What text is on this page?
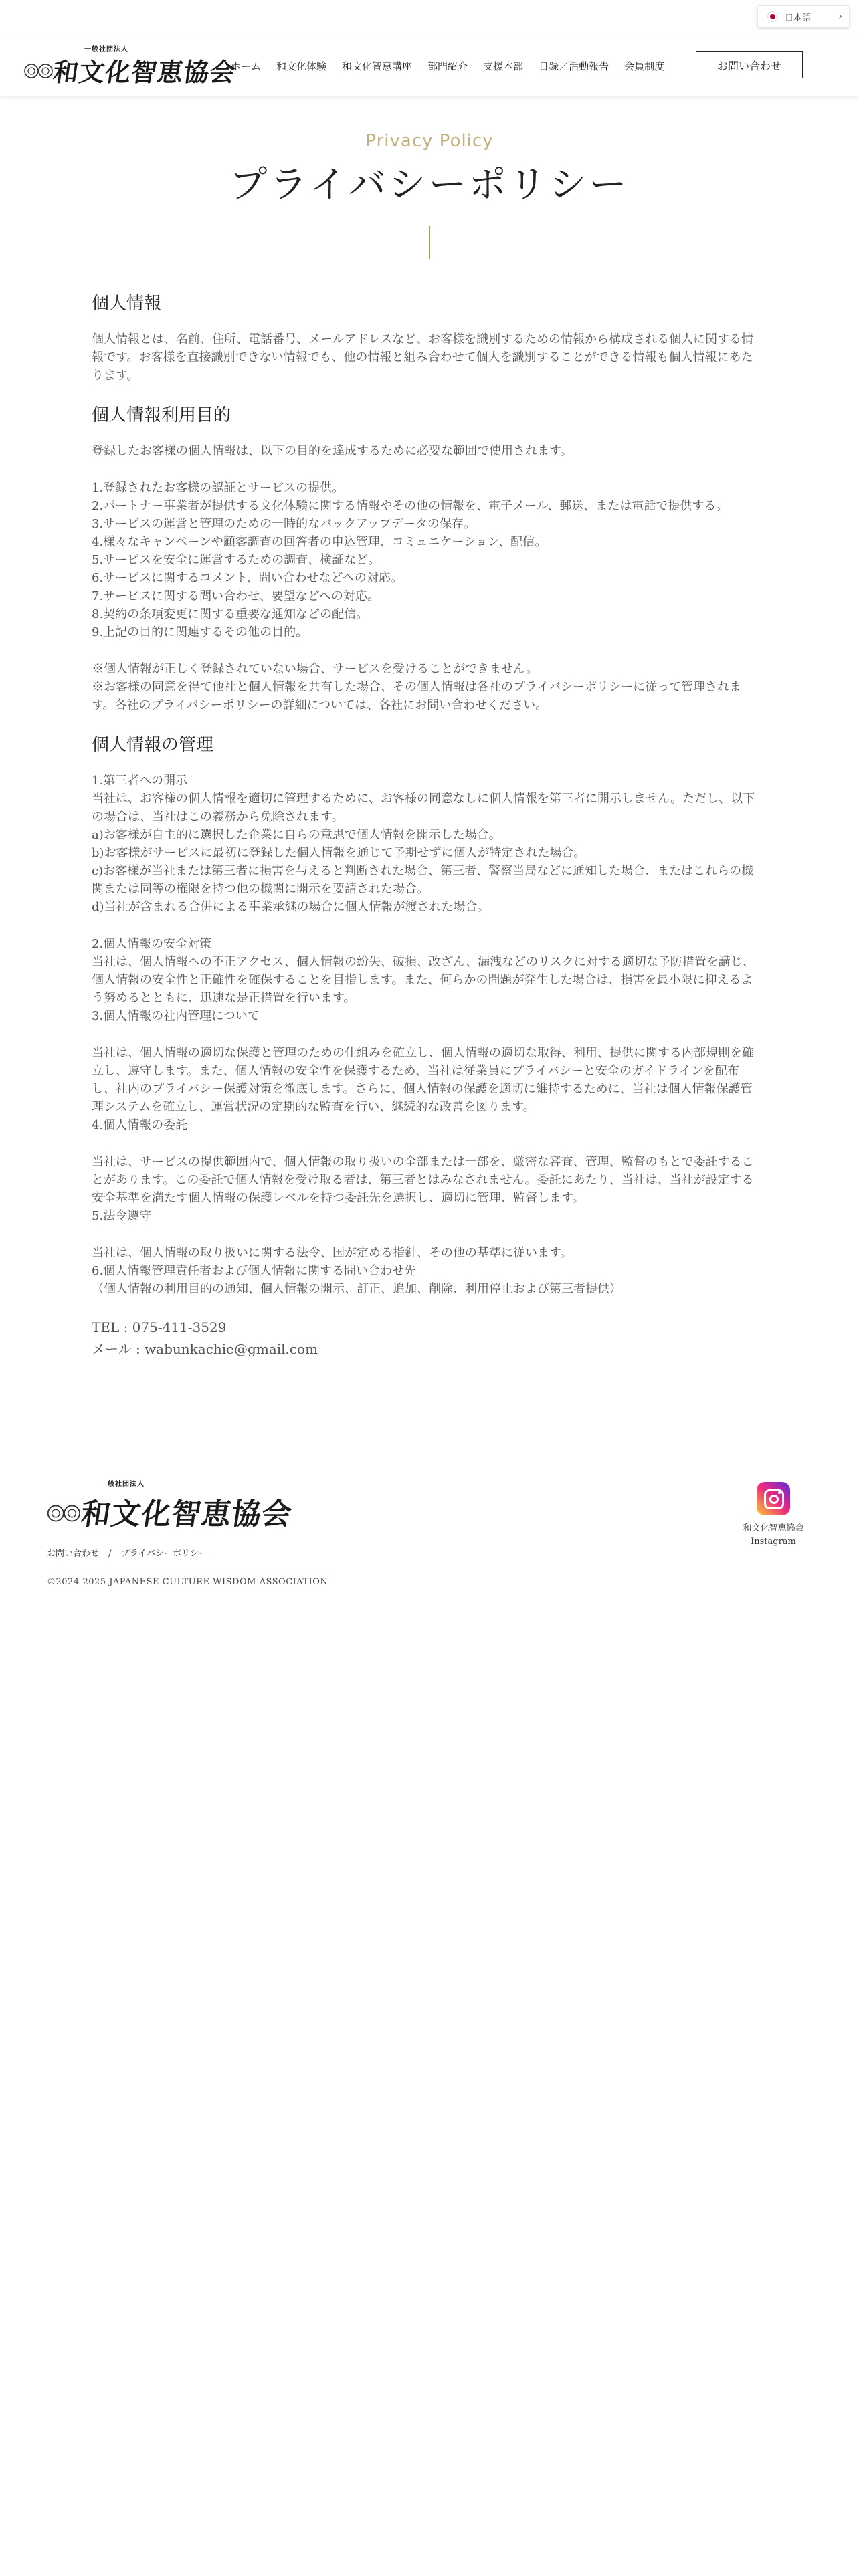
日本語	›
一般社団法人
和文化智恵協会
ホーム 和文化体験 和文化智恵講座 部門紹介 支援本部 日録／活動報告 会員制度	お問い合わせ
Privacy Policy
プライバシーポリシー
個人情報

個人情報とは、名前、住所、電話番号、メールアドレスなど、お客様を識別するための情報から構成される個人に関する情報です。お客様を直接識別できない情報でも、他の情報と組み合わせて個人を識別することができる情報も個人情報にあたります。

個人情報利用目的

登録したお客様の個人情報は、以下の目的を達成するために必要な範囲で使用されます。

1.登録されたお客様の認証とサービスの提供。
2.パートナー事業者が提供する文化体験に関する情報やその他の情報を、電子メール、郵送、または電話で提供する。
3.サービスの運営と管理のための一時的なバックアップデータの保存。
4.様々なキャンペーンや顧客調査の回答者の申込管理、コミュニケーション、配信。
5.サービスを安全に運営するための調査、検証など。
6.サービスに関するコメント、問い合わせなどへの対応。
7.サービスに関する問い合わせ、要望などへの対応。
8.契約の条項変更に関する重要な通知などの配信。
9.上記の目的に関連するその他の目的。

※個人情報が正しく登録されていない場合、サービスを受けることができません。
※お客様の同意を得て他社と個人情報を共有した場合、その個人情報は各社のプライバシーポリシーに従って管理されます。各社のプライバシーポリシーの詳細については、各社にお問い合わせください。

個人情報の管理

1.第三者への開示
当社は、お客様の個人情報を適切に管理するために、お客様の同意なしに個人情報を第三者に開示しません。ただし、以下の場合は、当社はこの義務から免除されます。
a)お客様が自主的に選択した企業に自らの意思で個人情報を開示した場合。
b)お客様がサービスに最初に登録した個人情報を通じて予期せずに個人が特定された場合。
c)お客様が当社または第三者に損害を与えると判断された場合、第三者、警察当局などに通知した場合、またはこれらの機関または同等の権限を持つ他の機関に開示を要請された場合。
d)当社が含まれる合併による事業承継の場合に個人情報が渡された場合。

2.個人情報の安全対策
当社は、個人情報への不正アクセス、個人情報の紛失、破損、改ざん、漏洩などのリスクに対する適切な予防措置を講じ、個人情報の安全性と正確性を確保することを目指します。また、何らかの問題が発生した場合は、損害を最小限に抑えるよう努めるとともに、迅速な是正措置を行います。
3.個人情報の社内管理について

当社は、個人情報の適切な保護と管理のための仕組みを確立し、個人情報の適切な取得、利用、提供に関する内部規則を確立し、遵守します。また、個人情報の安全性を保護するため、当社は従業員にプライバシーと安全のガイドラインを配布し、社内のプライバシー保護対策を徹底します。さらに、個人情報の保護を適切に維持するために、当社は個人情報保護管理システムを確立し、運営状況の定期的な監査を行い、継続的な改善を図ります。
4.個人情報の委託

当社は、サービスの提供範囲内で、個人情報の取り扱いの全部または一部を、厳密な審査、管理、監督のもとで委託することがあります。この委託で個人情報を受け取る者は、第三者とはみなされません。委託にあたり、当社は、当社が設定する安全基準を満たす個人情報の保護レベルを持つ委託先を選択し、適切に管理、監督します。
5.法令遵守

当社は、個人情報の取り扱いに関する法令、国が定める指針、その他の基準に従います。
6.個人情報管理責任者および個人情報に関する問い合わせ先
（個人情報の利用目的の通知、個人情報の開示、訂正、追加、削除、利用停止および第三者提供）

TEL : 075-411-3529
メール : wabunkachie@gmail.com
一般社団法人
和文化智恵協会
お問い合わせ / プライバシーポリシー
©2024-2025 JAPANESE CULTURE WISDOM ASSOCIATION
和文化智恵協会
Instagram
